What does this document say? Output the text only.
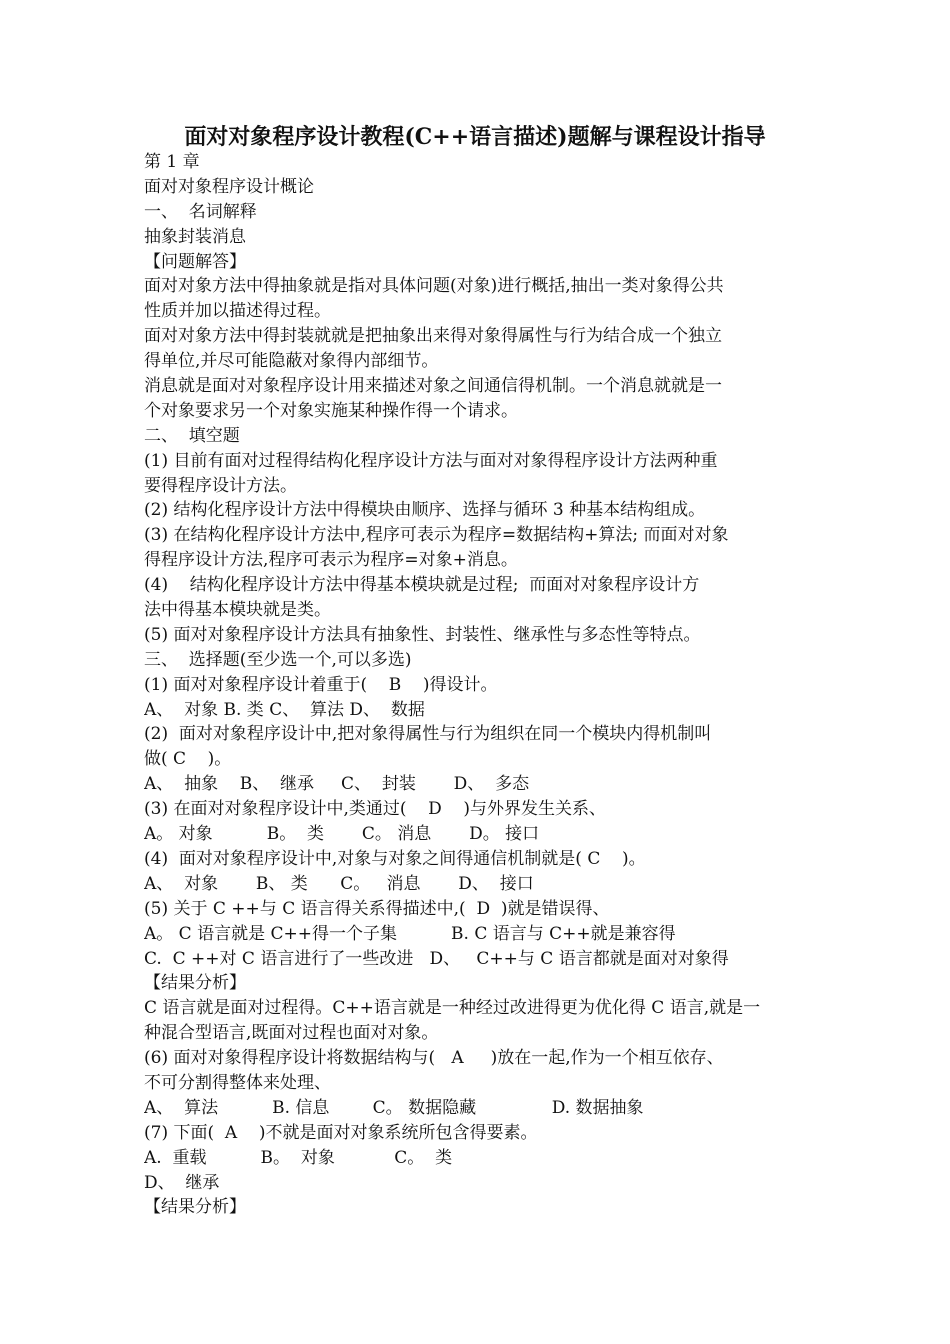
面对对象程序设计教程(C++语言描述)题解与课程设计指导
第 1 章
面对对象程序设计概论
一、  名词解释
抽象封装消息
【问题解答】
面对对象方法中得抽象就是指对具体问题(对象)进行概括,抽出一类对象得公共
性质并加以描述得过程。
面对对象方法中得封装就就是把抽象出来得对象得属性与行为结合成一个独立
得单位,并尽可能隐蔽对象得内部细节。
消息就是面对对象程序设计用来描述对象之间通信得机制。一个消息就就是一
个对象要求另一个对象实施某种操作得一个请求。
二、  填空题
(1) 目前有面对过程得结构化程序设计方法与面对对象得程序设计方法两种重
要得程序设计方法。
(2) 结构化程序设计方法中得模块由顺序、选择与循环 3 种基本结构组成。
(3) 在结构化程序设计方法中,程序可表示为程序=数据结构+算法; 而面对对象
得程序设计方法,程序可表示为程序=对象+消息。
(4)    结构化程序设计方法中得基本模块就是过程;  而面对对象程序设计方
法中得基本模块就是类。
(5) 面对对象程序设计方法具有抽象性、封装性、继承性与多态性等特点。
三、  选择题(至少选一个,可以多选)
(1) 面对对象程序设计着重于(    B    )得设计。
A、  对象 B. 类 C、  算法 D、  数据
(2)  面对对象程序设计中,把对象得属性与行为组织在同一个模块内得机制叫
做( C    )。
A、  抽象    B、  继承     C、  封装       D、  多态
(3) 在面对对象程序设计中,类通过(    D    )与外界发生关系、
A。 对象          B。  类       C。 消息       D。 接口
(4)  面对对象程序设计中,对象与对象之间得通信机制就是( C    )。
A、  对象       B、 类      C。   消息       D、  接口
(5) 关于 C ++与 C 语言得关系得描述中,(  D  )就是错误得、
A。 C 语言就是 C++得一个子集          B. C 语言与 C++就是兼容得
C.  C ++对 C 语言进行了一些改进   D、   C++与 C 语言都就是面对对象得
【结果分析】
C 语言就是面对过程得。C++语言就是一种经过改进得更为优化得 C 语言,就是一
种混合型语言,既面对过程也面对对象。
(6) 面对对象得程序设计将数据结构与(   A     )放在一起,作为一个相互依存、
不可分割得整体来处理、
A、  算法          B. 信息        C。 数据隐藏              D. 数据抽象
(7) 下面(  A    )不就是面对对象系统所包含得要素。
A.  重载          B。  对象           C。  类
D、  继承
【结果分析】
